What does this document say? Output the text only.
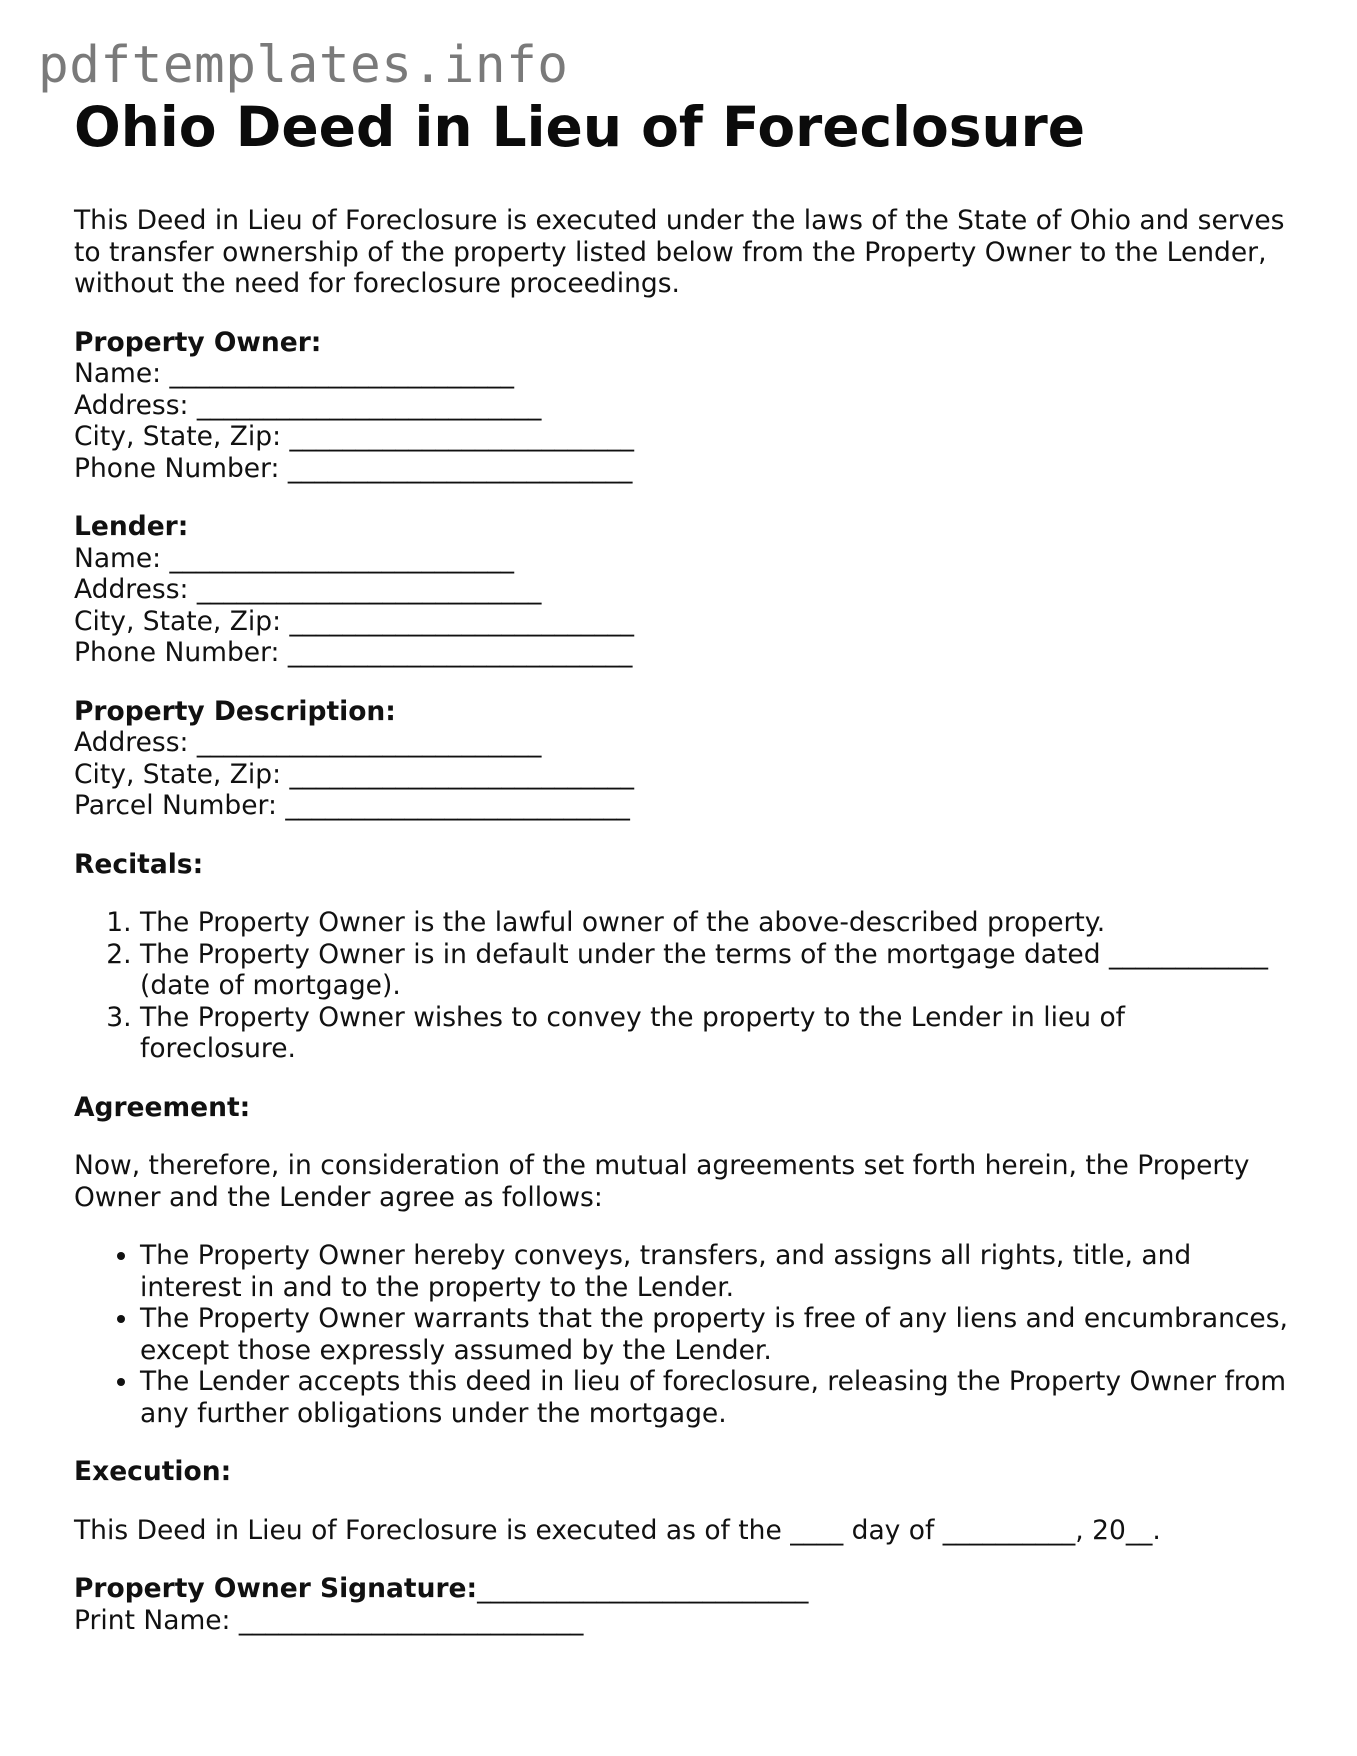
pdftemplates.info
Ohio Deed in Lieu of Foreclosure

This Deed in Lieu of Foreclosure is executed under the laws of the State of Ohio and serves to transfer ownership of the property listed below from the Property Owner to the Lender, without the need for foreclosure proceedings.

Property Owner:
Name: __________________________
Address: __________________________
City, State, Zip: __________________________
Phone Number: __________________________
Lender:
Name: __________________________
Address: __________________________
City, State, Zip: __________________________
Phone Number: __________________________
Property Description:
Address: __________________________
City, State, Zip: __________________________
Parcel Number: __________________________
Recitals:
1. The Property Owner is the lawful owner of the above-described property.
2. The Property Owner is in default under the terms of the mortgage dated ____________ (date of mortgage).
3. The Property Owner wishes to convey the property to the Lender in lieu of foreclosure.
Agreement:

Now, therefore, in consideration of the mutual agreements set forth herein, the Property Owner and the Lender agree as follows:

• The Property Owner hereby conveys, transfers, and assigns all rights, title, and interest in and to the property to the Lender.
• The Property Owner warrants that the property is free of any liens and encumbrances, except those expressly assumed by the Lender.
• The Lender accepts this deed in lieu of foreclosure, releasing the Property Owner from any further obligations under the mortgage.
Execution:

This Deed in Lieu of Foreclosure is executed as of the ____ day of __________, 20__.

Property Owner Signature:_________________________
Print Name: __________________________
